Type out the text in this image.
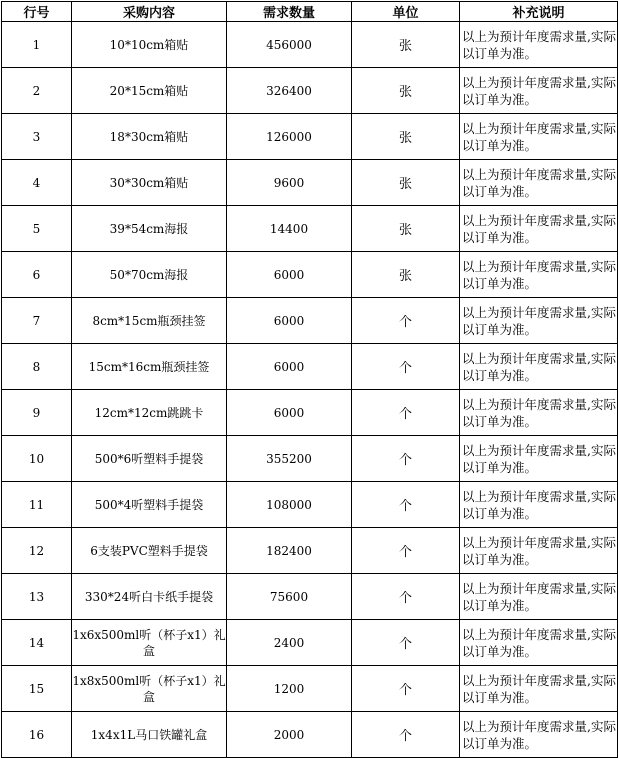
行号	采购内容	需求数量	单位	补充说明
1	10*10cm箱贴	456000	张	以上为预计年度需求量,实际以订单为准。
2	20*15cm箱贴	326400	张	以上为预计年度需求量,实际以订单为准。
3	18*30cm箱贴	126000	张	以上为预计年度需求量,实际以订单为准。
4	30*30cm箱贴	9600	张	以上为预计年度需求量,实际以订单为准。
5	39*54cm海报	14400	张	以上为预计年度需求量,实际以订单为准。
6	50*70cm海报	6000	张	以上为预计年度需求量,实际以订单为准。
7	8cm*15cm瓶颈挂签	6000	个	以上为预计年度需求量,实际以订单为准。
8	15cm*16cm瓶颈挂签	6000	个	以上为预计年度需求量,实际以订单为准。
9	12cm*12cm跳跳卡	6000	个	以上为预计年度需求量,实际以订单为准。
10	500*6听塑料手提袋	355200	个	以上为预计年度需求量,实际以订单为准。
11	500*4听塑料手提袋	108000	个	以上为预计年度需求量,实际以订单为准。
12	6支装PVC塑料手提袋	182400	个	以上为预计年度需求量,实际以订单为准。
13	330*24听白卡纸手提袋	75600	个	以上为预计年度需求量,实际以订单为准。
14	1x6x500ml听（杯子x1）礼盒	2400	个	以上为预计年度需求量,实际以订单为准。
15	1x8x500ml听（杯子x1）礼盒	1200	个	以上为预计年度需求量,实际以订单为准。
16	1x4x1L马口铁罐礼盒	2000	个	以上为预计年度需求量,实际以订单为准。
